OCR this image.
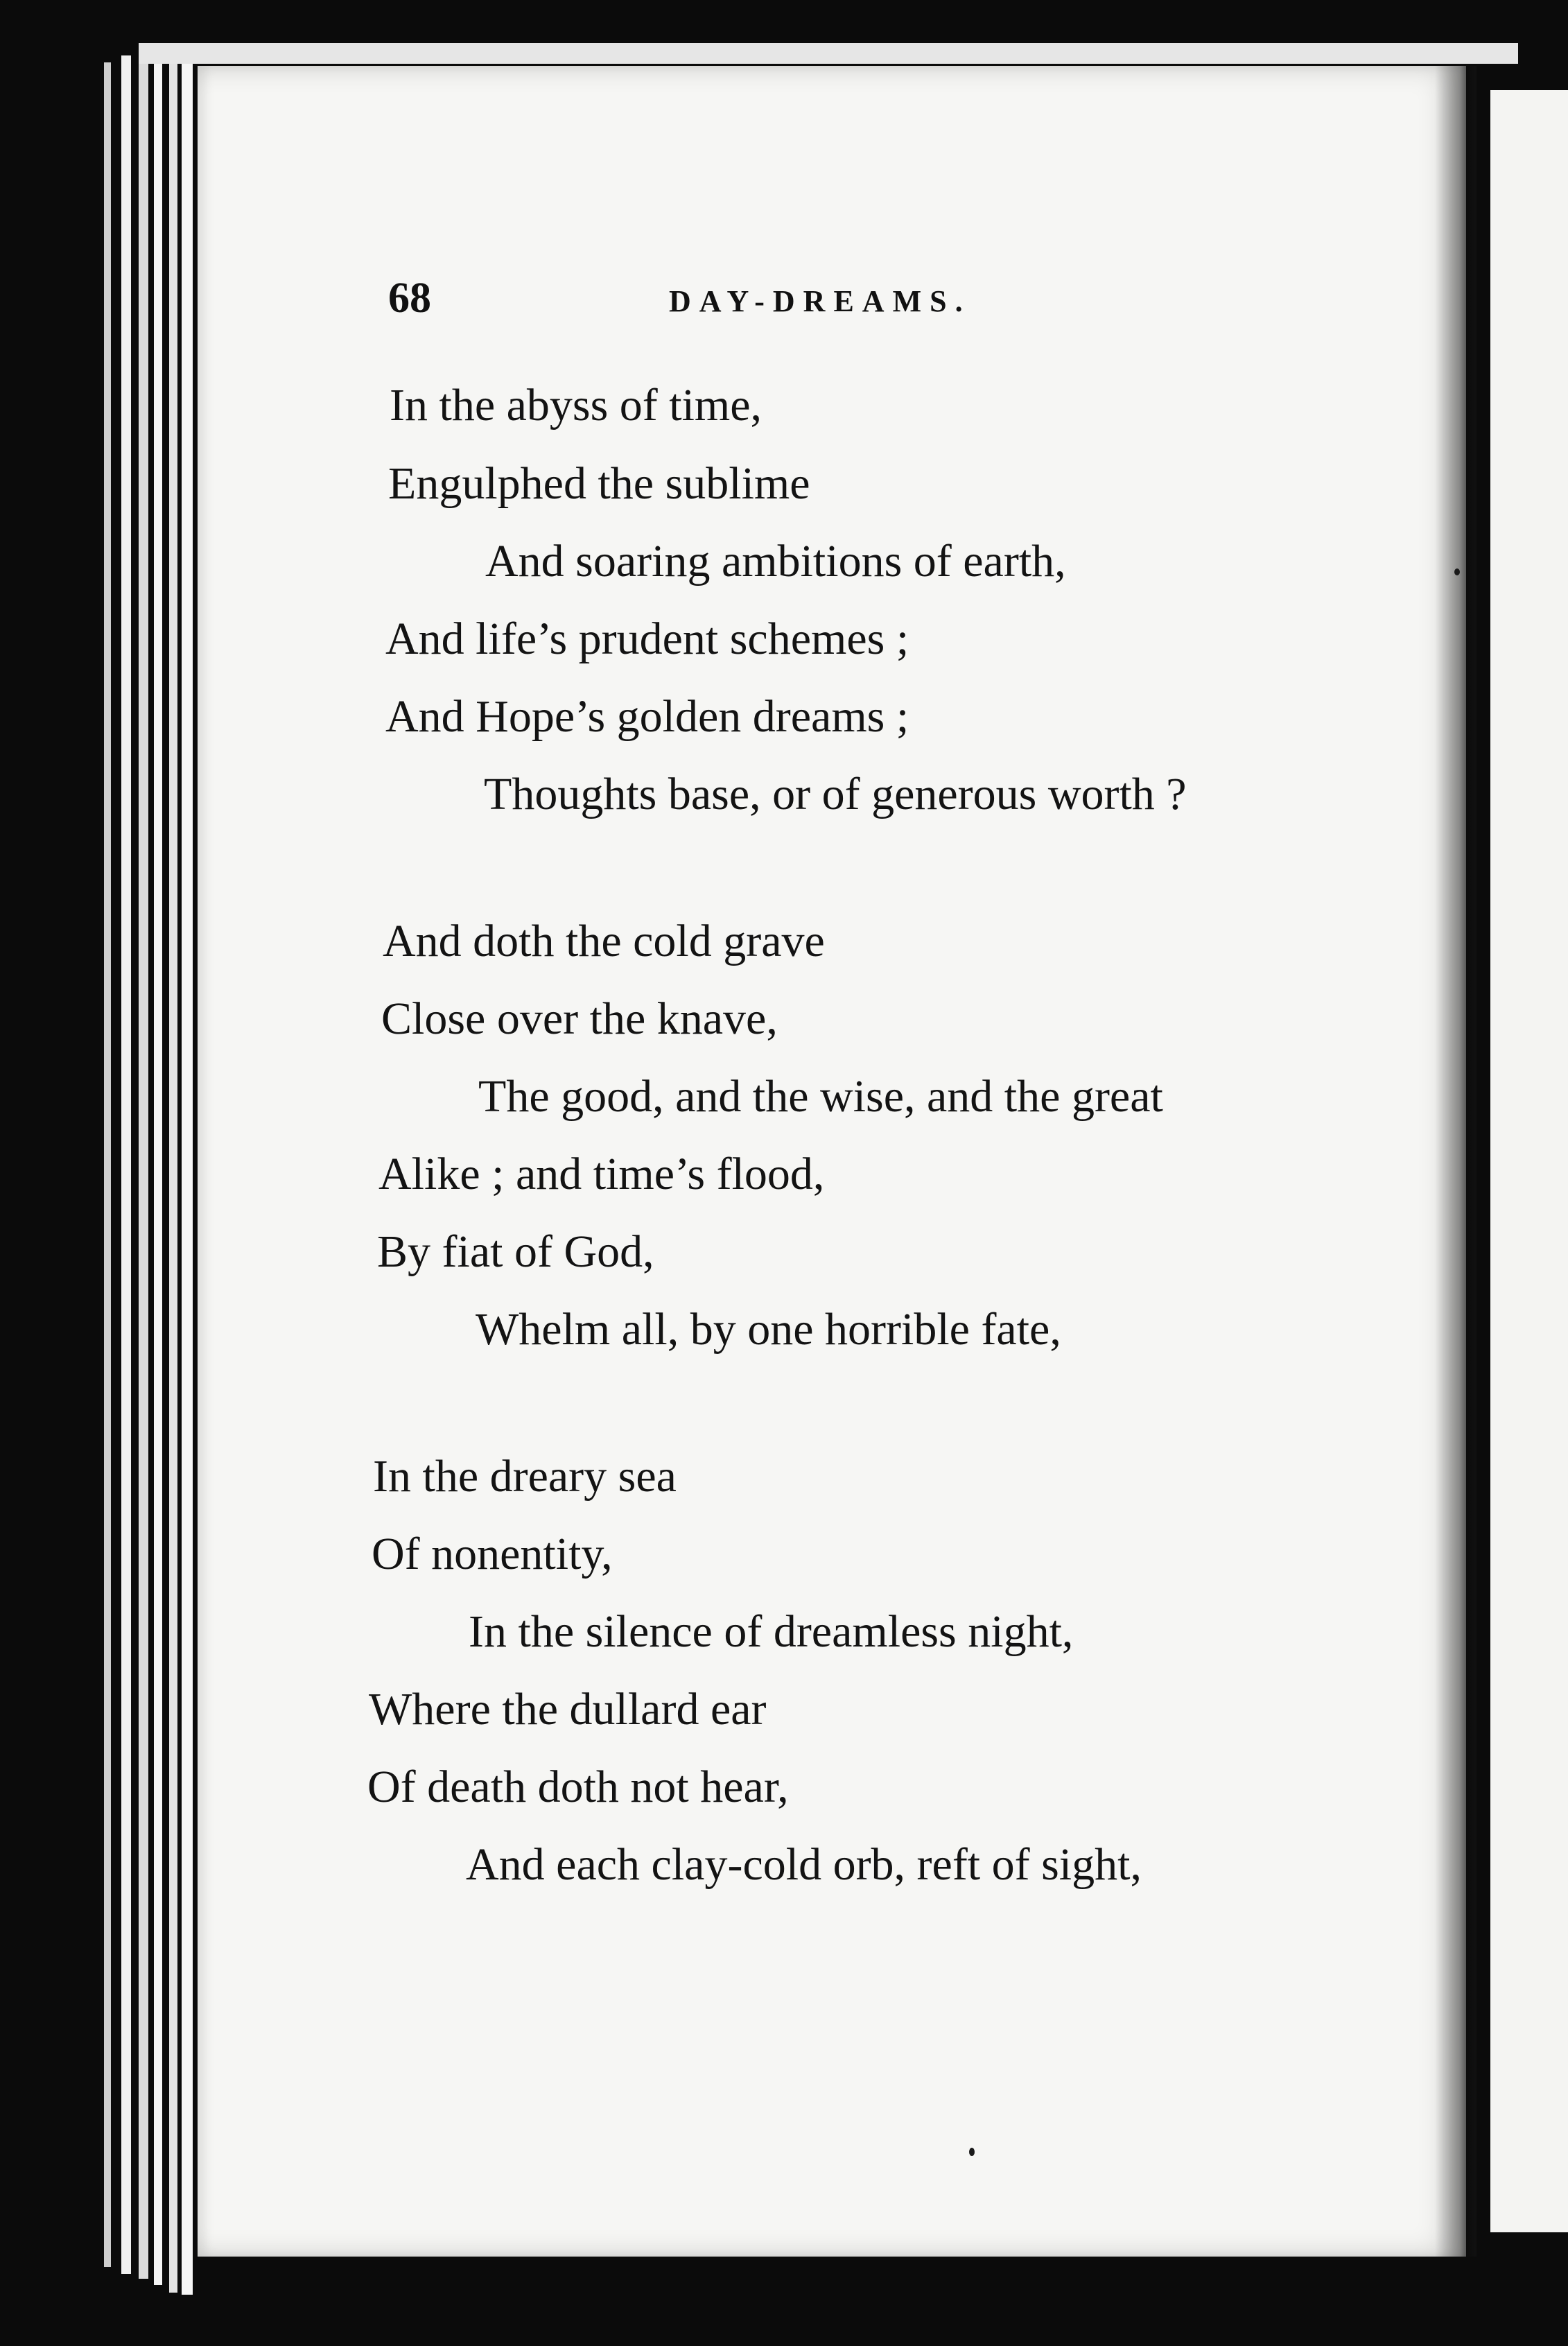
68	DAY-DREAMS.
In the abyss of time,
Engulphed the sublime
And soaring ambitions of earth,
And life’s prudent schemes ;
And Hope’s golden dreams ;
Thoughts base, or of generous worth ?
And doth the cold grave
Close over the knave,
The good, and the wise, and the great
Alike ; and time’s flood,
By fiat of God,
Whelm all, by one horrible fate,
In the dreary sea
Of nonentity,
In the silence of dreamless night,
Where the dullard ear
Of death doth not hear,
And each clay-cold orb, reft of sight,
